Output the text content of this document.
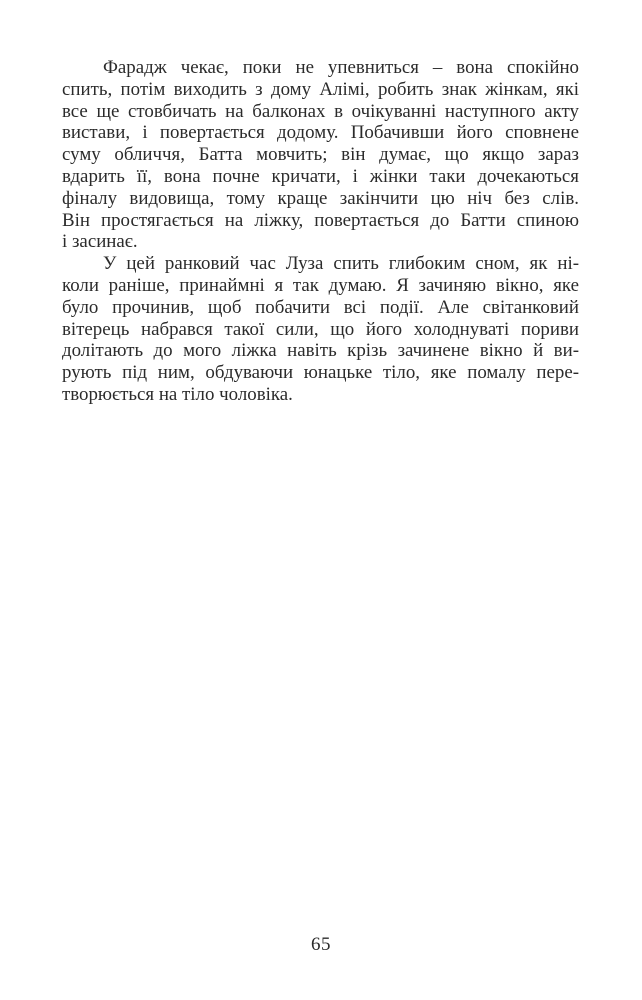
Фарадж чекає, поки не упевниться – вона спокійно
спить, потім виходить з дому Алімі, робить знак жінкам, які
все ще стовбичать на балконах в очікуванні наступного акту
вистави, і повертається додому. Побачивши його сповнене
суму обличчя, Батта мовчить; він думає, що якщо зараз
вдарить її, вона почне кричати, і жінки таки дочекаються
фіналу видовища, тому краще закінчити цю ніч без слів.
Він простягається на ліжку, повертається до Батти спиною
і засинає.
У цей ранковий час Луза спить глибоким сном, як ні-
коли раніше, принаймні я так думаю. Я зачиняю вікно, яке
було прочинив, щоб побачити всі події. Але світанковий
вітерець набрався такої сили, що його холоднуваті пориви
долітають до мого ліжка навіть крізь зачинене вікно й ви-
рують під ним, обдуваючи юнацьке тіло, яке помалу пере-
творюється на тіло чоловіка.
65
